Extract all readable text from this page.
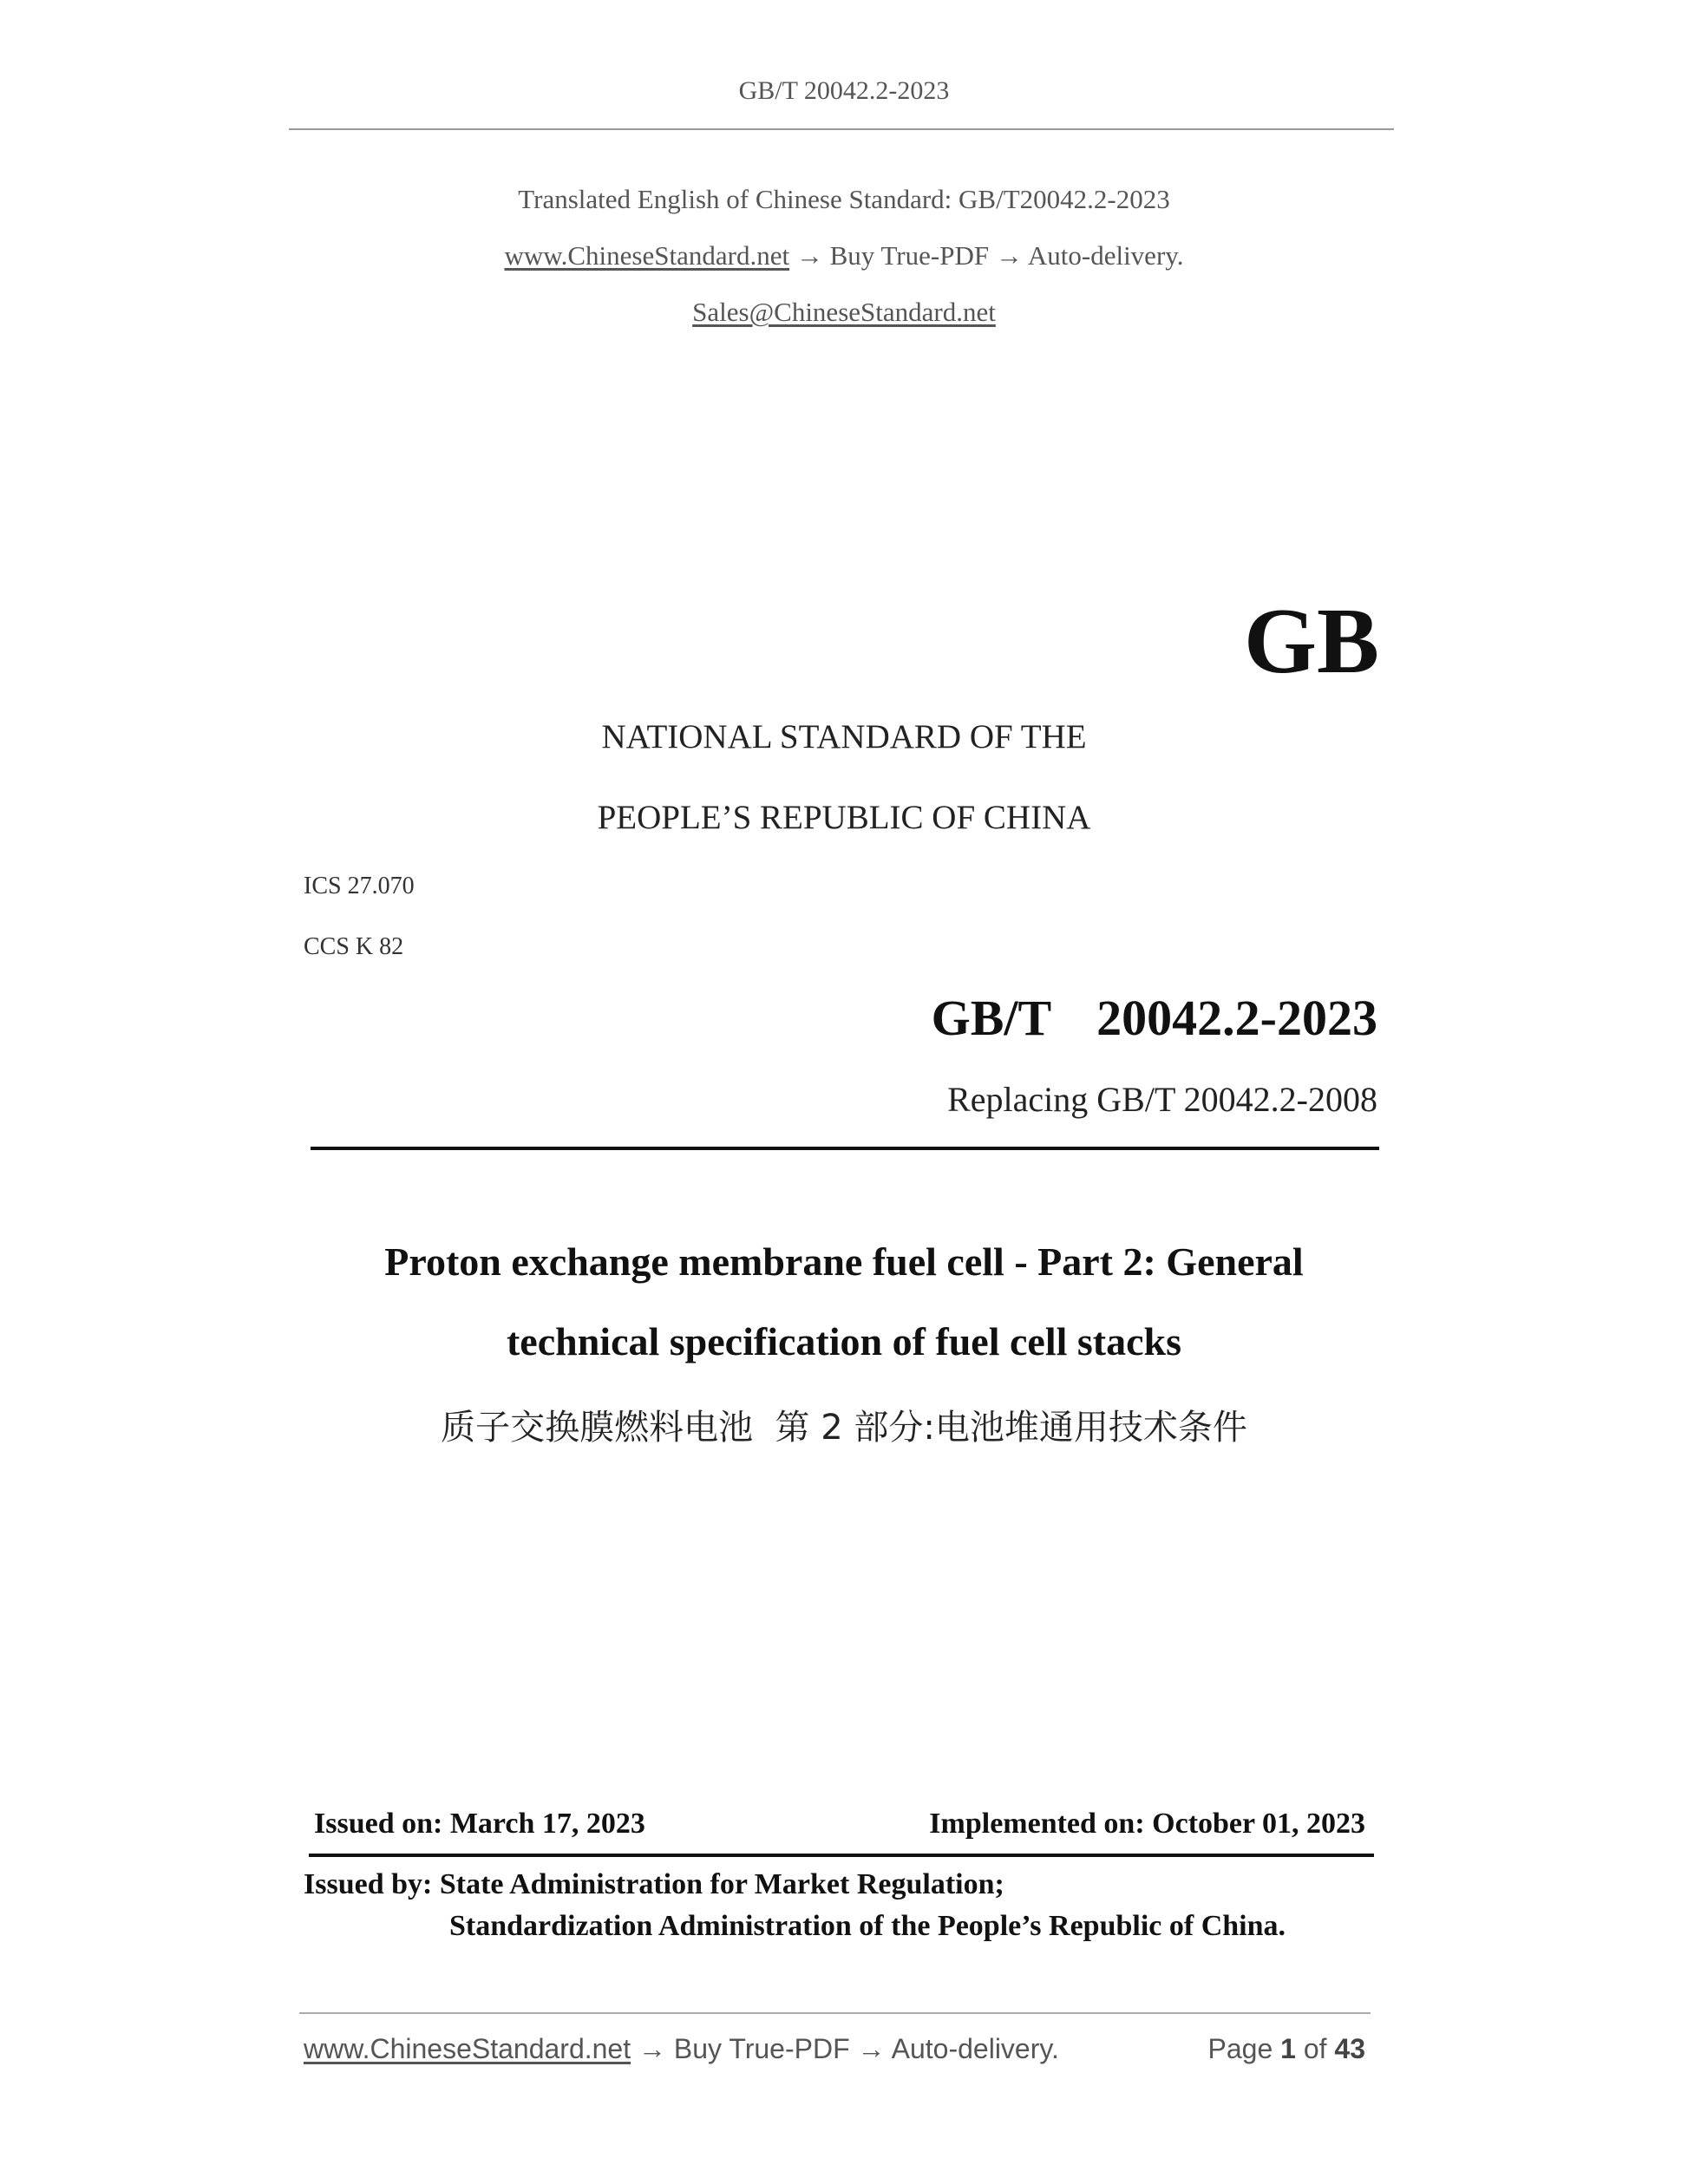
GB/T 20042.2-2023
Translated English of Chinese Standard: GB/T20042.2-2023
www.ChineseStandard.net → Buy True-PDF → Auto-delivery.
Sales@ChineseStandard.net
GB
NATIONAL STANDARD OF THE
PEOPLE’S REPUBLIC OF CHINA
ICS 27.070
CCS K 82
GB/T  20042.2-2023
Replacing GB/T 20042.2-2008
Proton exchange membrane fuel cell - Part 2: General
technical specification of fuel cell stacks
质子交换膜燃料电池  第 2 部分:电池堆通用技术条件
Issued on: March 17, 2023	Implemented on: October 01, 2023
Issued by: State Administration for Market Regulation;
Standardization Administration of the People’s Republic of China.
www.ChineseStandard.net → Buy True-PDF → Auto-delivery.	Page 1 of 43
